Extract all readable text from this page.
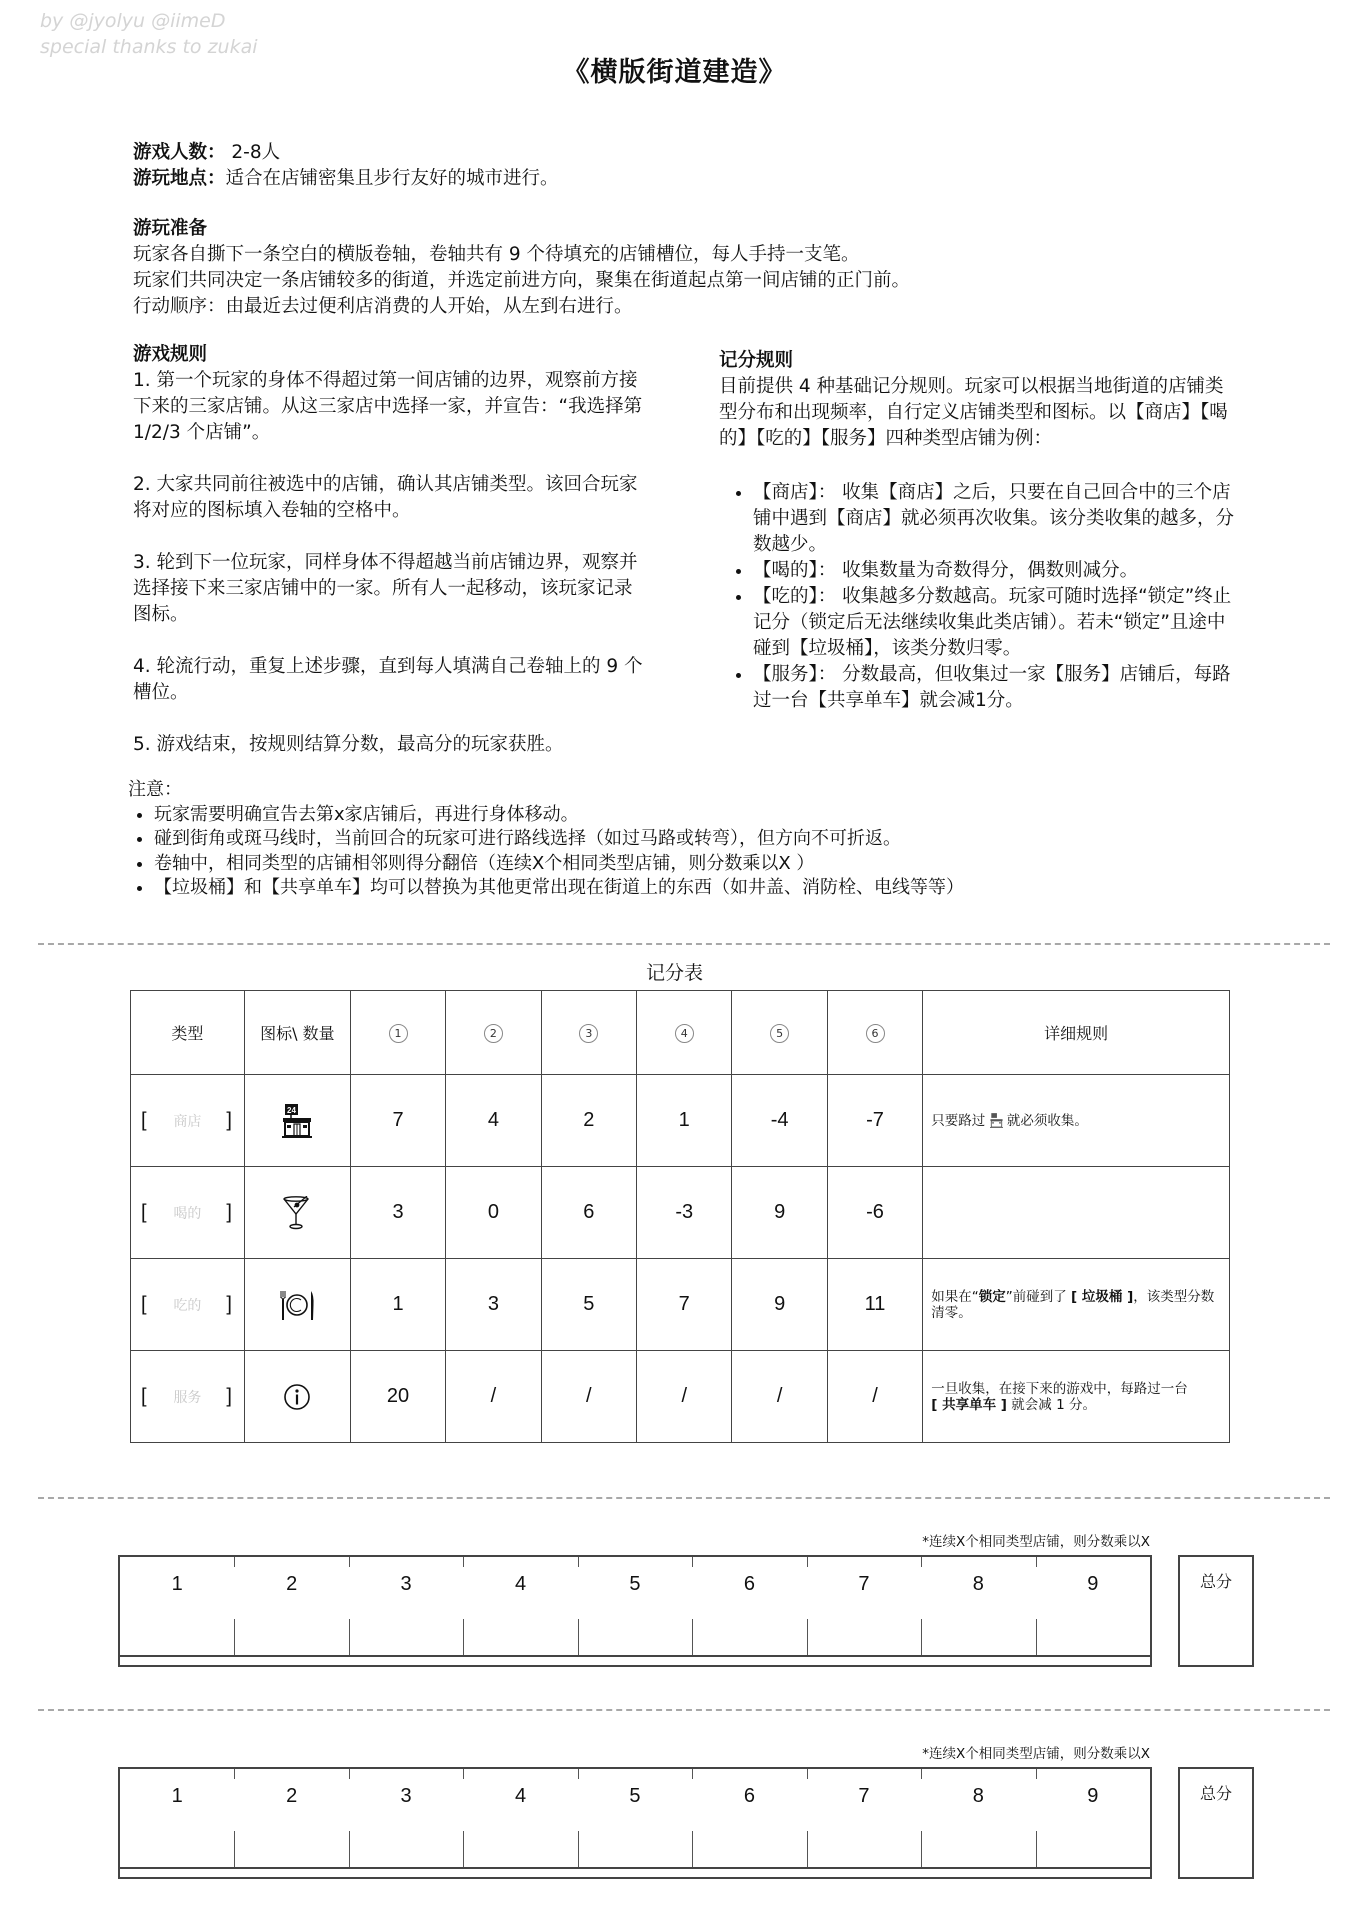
by @jyolyu @iimeD
special thanks to zukai
《横版街道建造》
游戏人数： 2-8人
游玩地点：适合在店铺密集且步行友好的城市进行。
游玩准备
玩家各自撕下一条空白的横版卷轴，卷轴共有 9 个待填充的店铺槽位，每人手持一支笔。
玩家们共同决定一条店铺较多的街道，并选定前进方向，聚集在街道起点第一间店铺的正门前。
行动顺序：由最近去过便利店消费的人开始，从左到右进行。
游戏规则
1. 第一个玩家的身体不得超过第一间店铺的边界，观察前方接下来的三家店铺。从这三家店中选择一家，并宣告：“我选择第 1/2/3 个店铺”。
2. 大家共同前往被选中的店铺，确认其店铺类型。该回合玩家将对应的图标填入卷轴的空格中。
3. 轮到下一位玩家，同样身体不得超越当前店铺边界，观察并选择接下来三家店铺中的一家。所有人一起移动，该玩家记录图标。
4. 轮流行动，重复上述步骤，直到每人填满自己卷轴上的 9 个槽位。
5. 游戏结束，按规则结算分数，最高分的玩家获胜。
记分规则
目前提供 4 种基础记分规则。玩家可以根据当地街道的店铺类型分布和出现频率，自行定义店铺类型和图标。以【商店】【喝的】【吃的】【服务】四种类型店铺为例：
• 【商店】： 收集【商店】之后，只要在自己回合中的三个店铺中遇到【商店】就必须再次收集。该分类收集的越多，分数越少。
• 【喝的】： 收集数量为奇数得分，偶数则减分。
• 【吃的】： 收集越多分数越高。玩家可随时选择“锁定”终止记分（锁定后无法继续收集此类店铺）。若未“锁定”且途中碰到【垃圾桶】，该类分数归零。
• 【服务】： 分数最高，但收集过一家【服务】店铺后，每路过一台【共享单车】就会减1分。
注意：
• 玩家需要明确宣告去第x家店铺后，再进行身体移动。
• 碰到街角或斑马线时，当前回合的玩家可进行路线选择（如过马路或转弯），但方向不可折返。
• 卷轴中，相同类型的店铺相邻则得分翻倍（连续X个相同类型店铺，则分数乘以X ）
• 【垃圾桶】和【共享单车】均可以替换为其他更常出现在街道上的东西（如井盖、消防栓、电线等等）
记分表
类型	图标\ 数量	1	2	3	4	5	6	详细规则

[ 商店 ]	24	7	4	2	1	-4	-7	只要路过  就必须收集。

[ 喝的 ]		3	0	6	-3	9	-6	

[ 吃的 ]		1	3	5	7	9	11	如果在“锁定”前碰到了 [ 垃圾桶 ]，该类型分数清零。

[ 服务 ]		20	/	/	/	/	/	一旦收集，在接下来的游戏中，每路过一台
[ 共享单车 ] 就会减 1 分。
*连续X个相同类型店铺，则分数乘以X
1	2	3	4	5	6	7	8	9	总分
*连续X个相同类型店铺，则分数乘以X
1	2	3	4	5	6	7	8	9	总分
